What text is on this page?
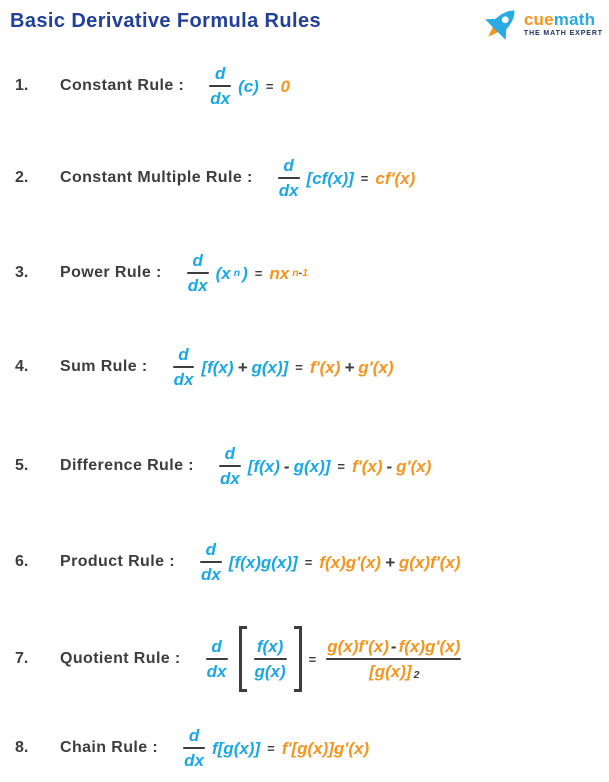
Basic Derivative Formula Rules	cuemath
THE MATH EXPERT
1.	Constant Rule : $\frac{d}{dx} (c) = 0$
2.	Constant Multiple Rule : $\frac{d}{dx} [cf(x)] = cf'(x)$
3.	Power Rule : $\frac{d}{dx} (x$ n ) = nx n-1
4.	Sum Rule : $\frac{d}{dx} [f(x) + g(x)] = f'(x) + g'(x)$
5.	Difference Rule : $\frac{d}{dx} [f(x) - g(x)] = f'(x) - g'(x)$
6.	Product Rule : $\frac{d}{dx} [f(x)g(x)] = f(x)g'(x) + g(x)f'(x)$
7.	Quotient Rule : $\frac{d}{dx} \frac{f(x)}{g(x)} = \frac{g(x)f'(x) - f(x)g'(x)}{[g(x)] 2}$
8.	Chain Rule : $\frac{d}{dx} f[g(x)] = f'[g(x)]g'(x)$
